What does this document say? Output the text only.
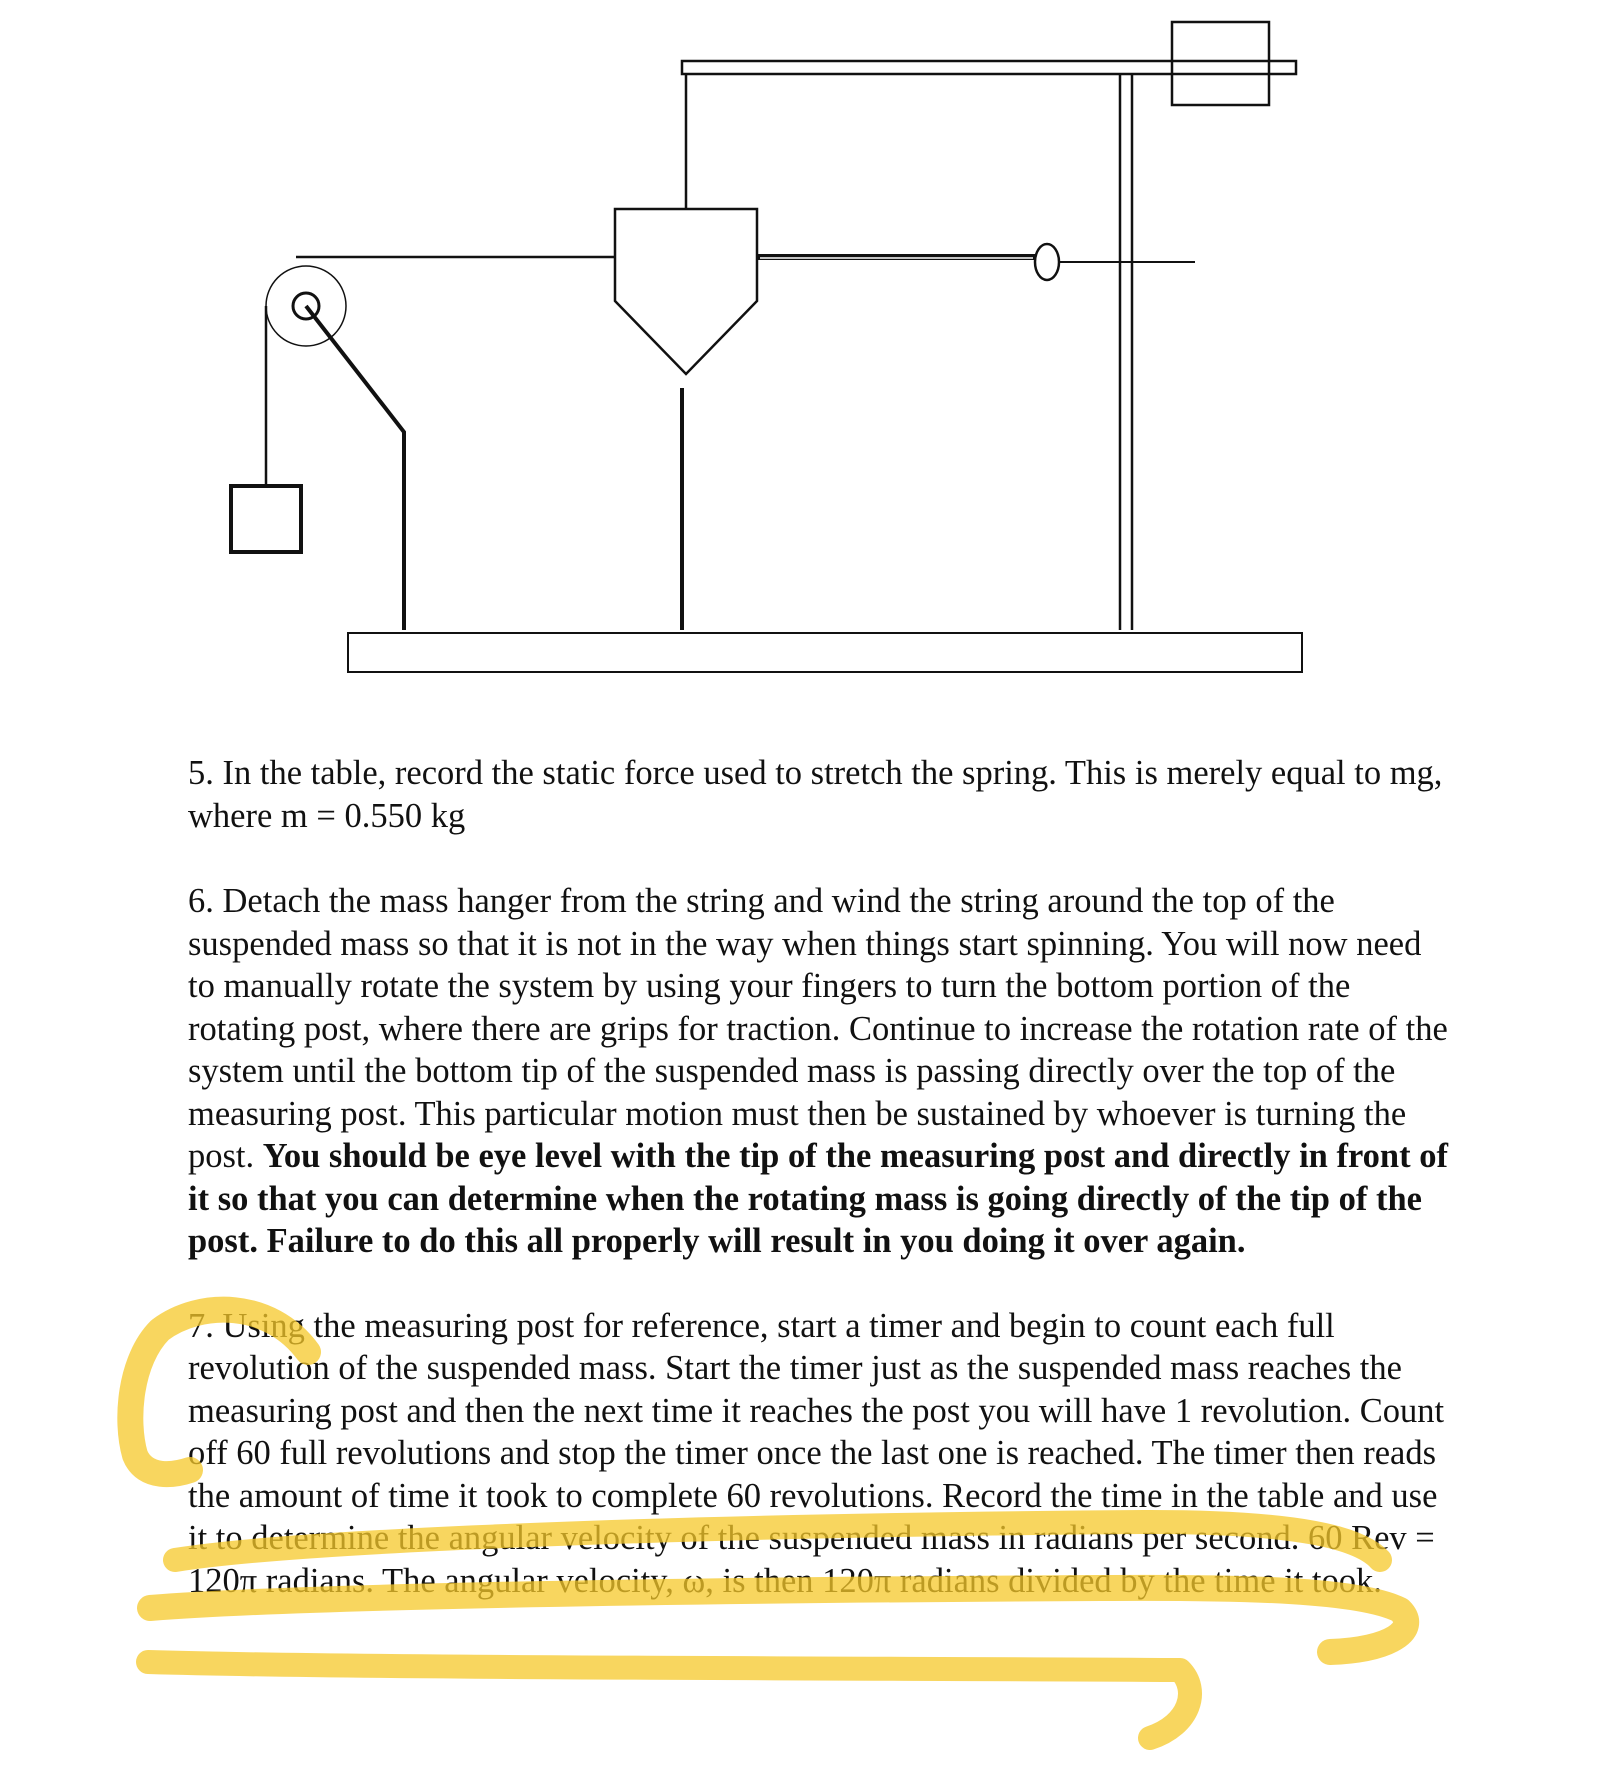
5. In the table, record the static force used to stretch the spring. This is merely equal to mg, where m = 0.550 kg

6. Detach the mass hanger from the string and wind the string around the top of the suspended mass so that it is not in the way when things start spinning. You will now need to manually rotate the system by using your fingers to turn the bottom portion of the rotating post, where there are grips for traction. Continue to increase the rotation rate of the system until the bottom tip of the suspended mass is passing directly over the top of the measuring post. This particular motion must then be sustained by whoever is turning the post. You should be eye level with the tip of the measuring post and directly in front of it so that you can determine when the rotating mass is going directly of the tip of the post. Failure to do this all properly will result in you doing it over again.

7. Using the measuring post for reference, start a timer and begin to count each full revolution of the suspended mass. Start the timer just as the suspended mass reaches the measuring post and then the next time it reaches the post you will have 1 revolution. Count off 60 full revolutions and stop the timer once the last one is reached. The timer then reads the amount of time it took to complete 60 revolutions. Record the time in the table and use it to determine the angular velocity of the suspended mass in radians per second. 60 Rev = 120π radians. The angular velocity, ω, is then 120π radians divided by the time it took.
